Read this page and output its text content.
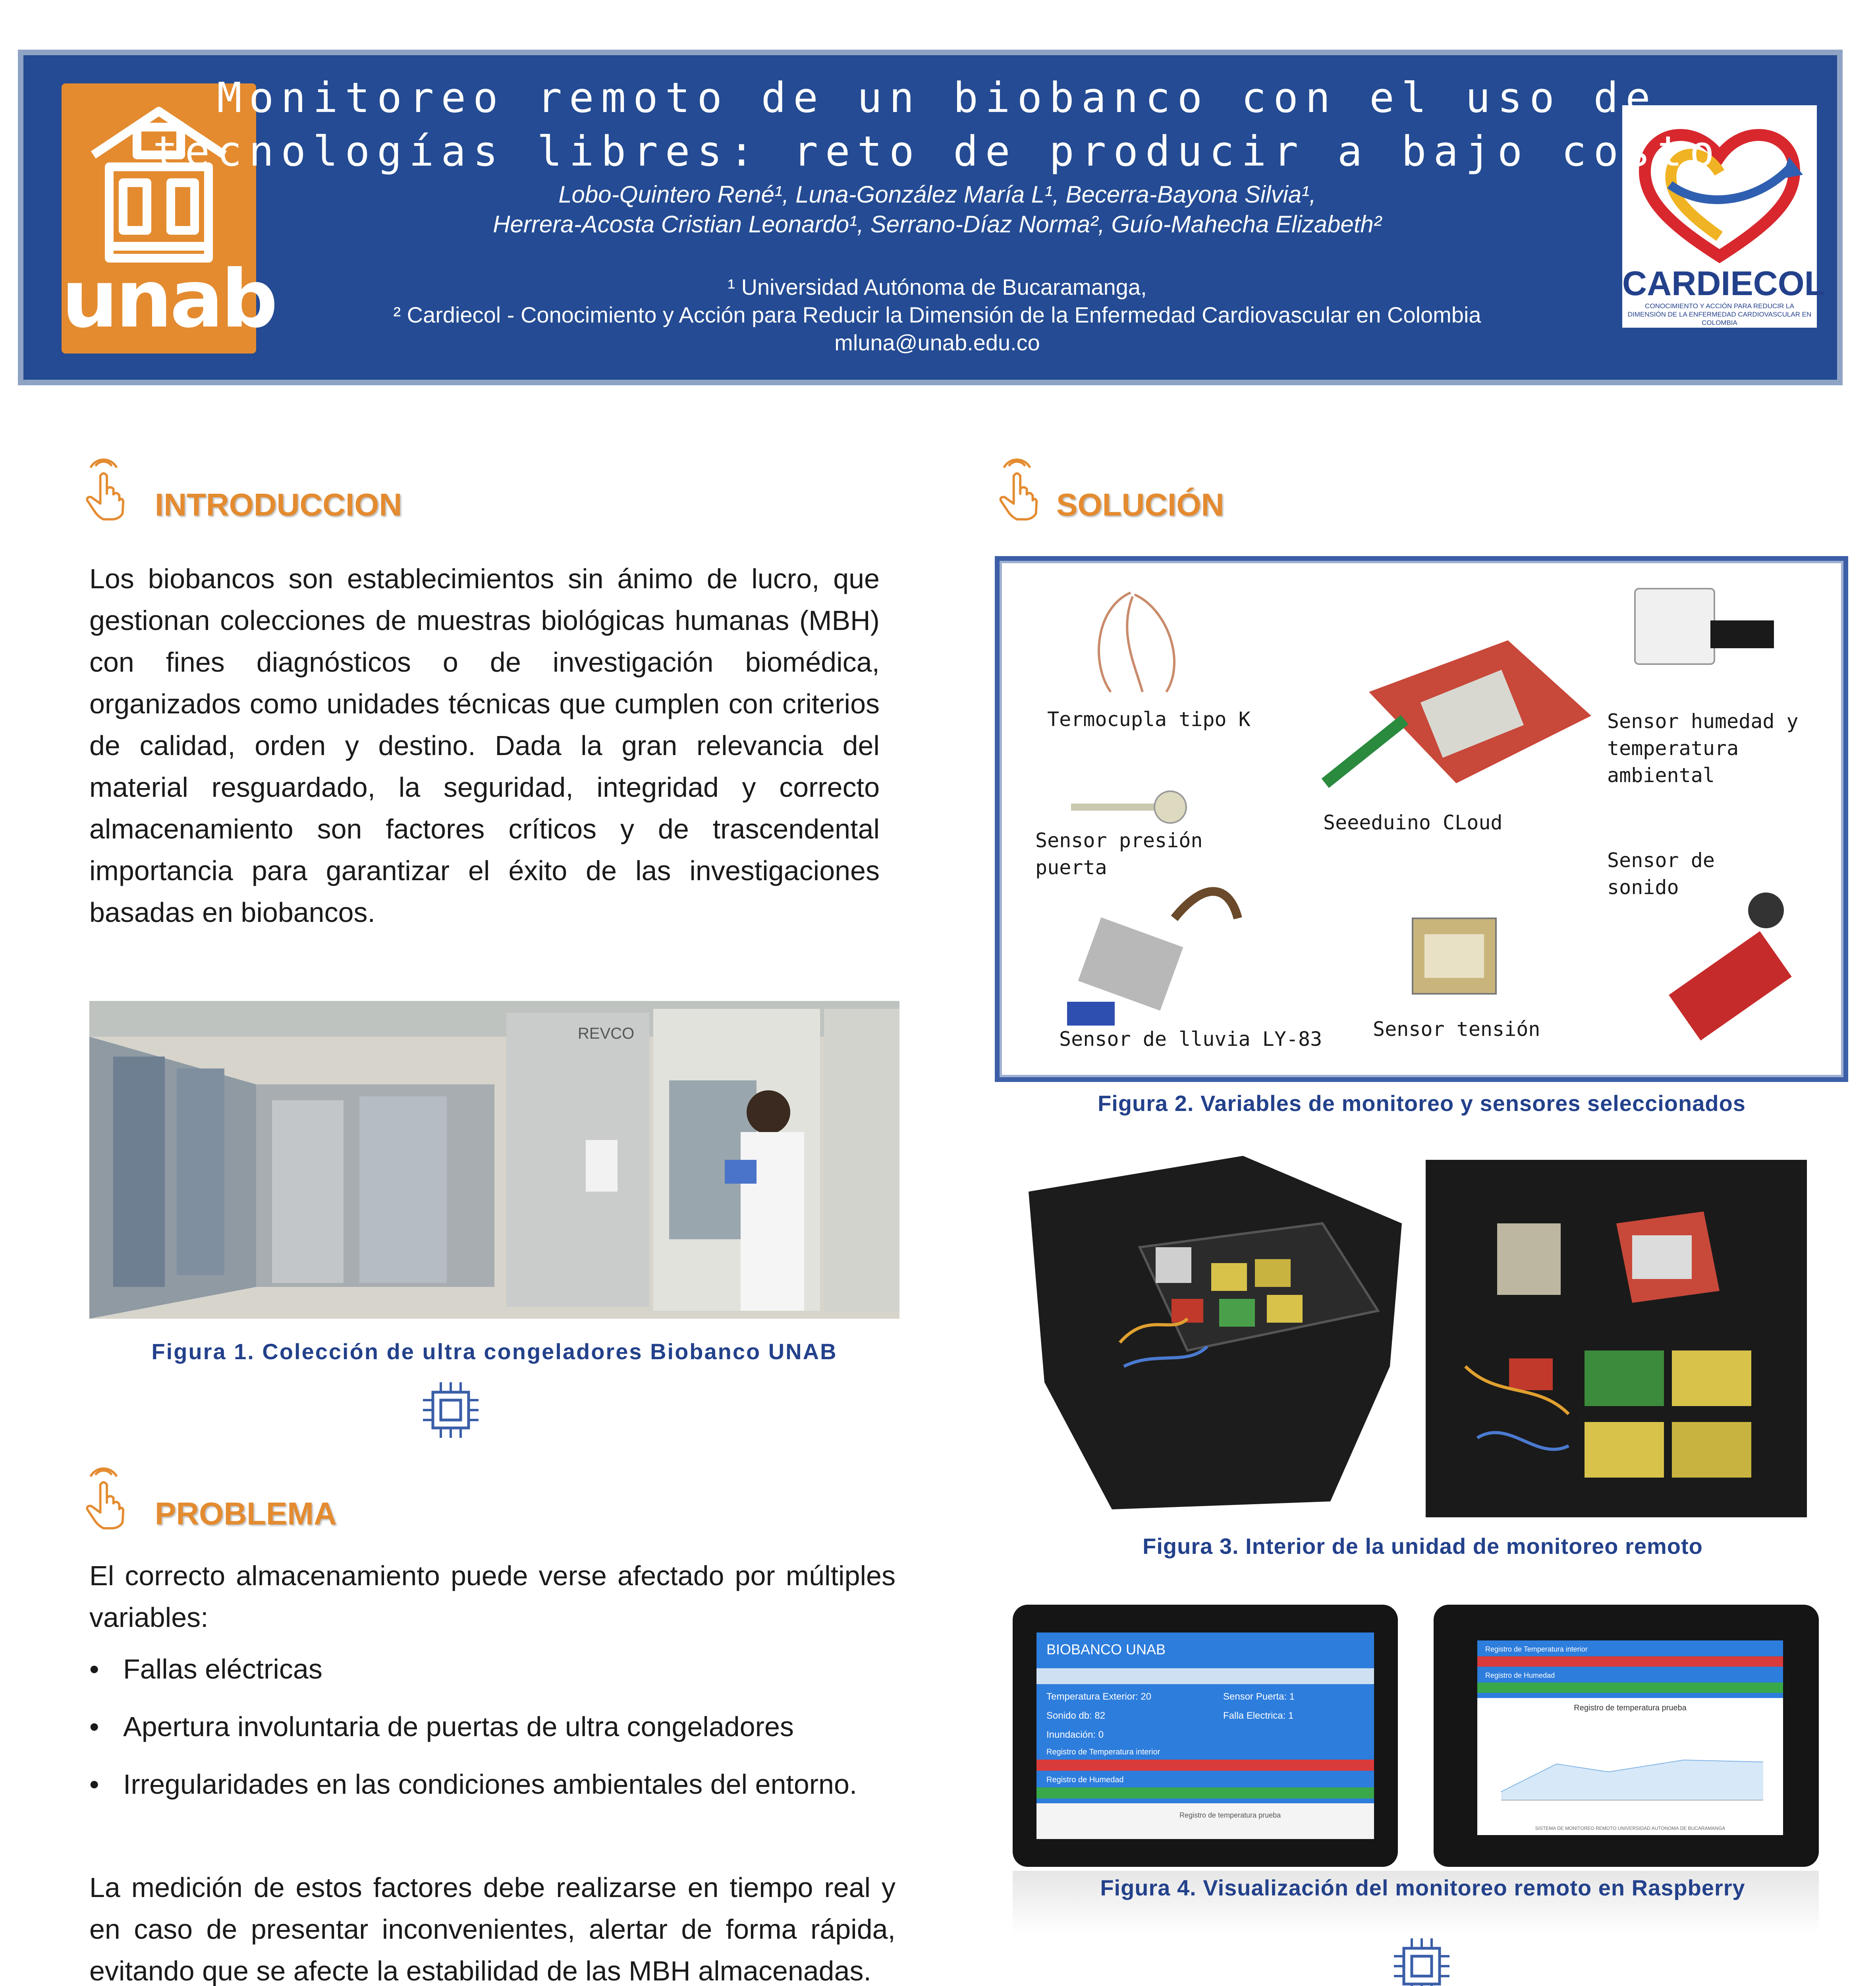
unab	CARDIECOL
CONOCIMIENTO Y ACCIÓN PARA REDUCIR LA DIMENSIÓN DE LA ENFERMEDAD CARDIOVASCULAR EN COLOMBIA
Monitoreo remoto de un biobanco con el uso de
tecnologías libres: reto de producir a bajo costo
Lobo-Quintero René¹, Luna-González María L¹, Becerra-Bayona Silvia¹,
Herrera-Acosta Cristian Leonardo¹, Serrano-Díaz Norma², Guío-Mahecha Elizabeth²
¹ Universidad Autónoma de Bucaramanga,
² Cardiecol - Conocimiento y Acción para Reducir la Dimensión de la Enfermedad Cardiovascular en Colombia
mluna@unab.edu.co
INTRODUCCION
Los biobancos son establecimientos sin ánimo de lucro, que gestionan colecciones de muestras biológicas humanas (MBH) con fines diagnósticos o de investigación biomédica, organizados como unidades técnicas que cumplen con criterios de calidad, orden y destino. Dada la gran relevancia del material resguardado, la seguridad, integridad y correcto almacenamiento son factores críticos y de trascendental importancia para garantizar el éxito de las investigaciones basadas en biobancos.
REVCO
Figura 1. Colección de ultra congeladores Biobanco UNAB
PROBLEMA
El correcto almacenamiento puede verse afectado por múltiples variables:
• Fallas eléctricas
• Apertura involuntaria de puertas de ultra congeladores
• Irregularidades en las condiciones ambientales del entorno.
La medición de estos factores debe realizarse en tiempo real y en caso de presentar inconvenientes, alertar de forma rápida, evitando que se afecte la estabilidad de las MBH almacenadas.
SOLUCIÓN
Termocupla tipo K	Sensor humedad y temperatura ambiental
Sensor presión puerta
Seeeduino CLoud
Sensor de sonido
Sensor de lluvia LY-83	Sensor tensión
Figura 2. Variables de monitoreo y sensores seleccionados
Figura 3. Interior de la unidad de monitoreo remoto
BIOBANCO UNAB
Temperatura Exterior: 20	Sensor Puerta: 1
Sonido db: 82	Falla Electrica: 1
Inundación: 0
Registro de Temperatura interior
Registro de Humedad
Registro de temperatura prueba
Registro de Temperatura interior
Registro de Humedad
Registro de temperatura prueba
SISTEMA DE MONITOREO REMOTO UNIVERSIDAD AUTONOMA DE BUCARAMANGA
Figura 4. Visualización del monitoreo remoto en Raspberry
